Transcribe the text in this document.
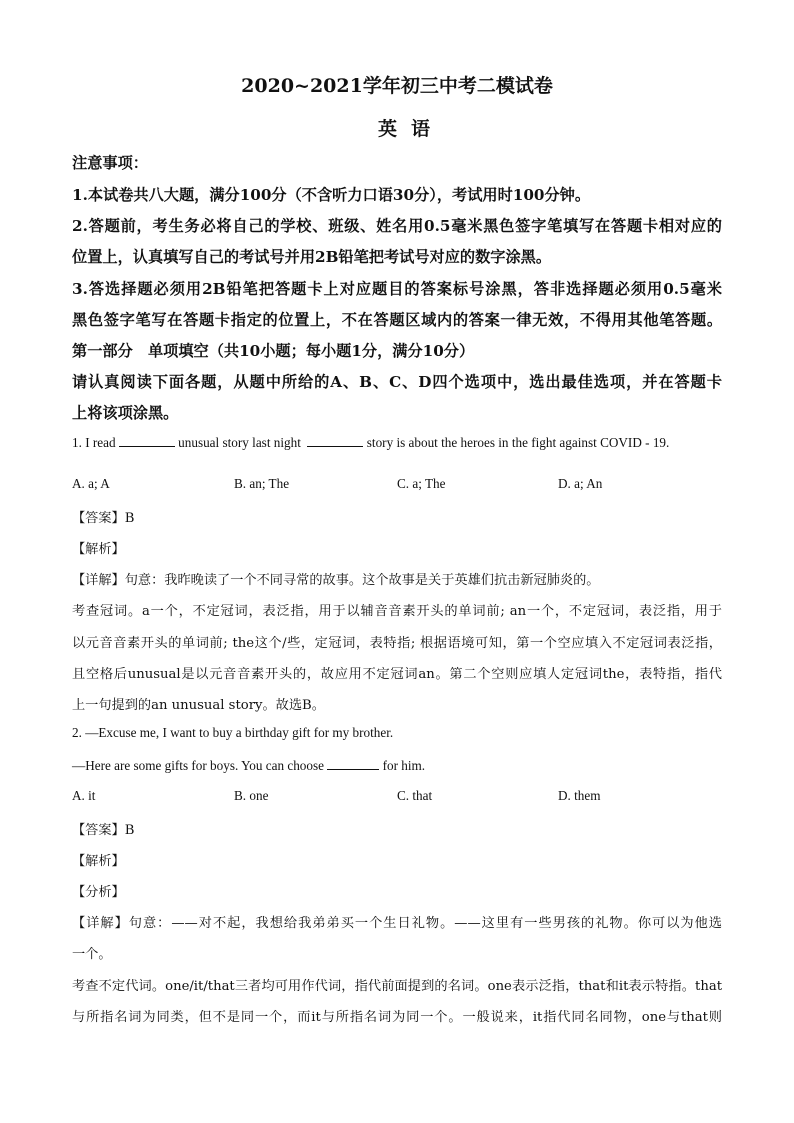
2020~2021学年初三中考二模试卷
英语
注意事项：
1.本试卷共八大题，满分100分（不含听力口语30分），考试用时100分钟。
2.答题前，考生务必将自己的学校、班级、姓名用0.5毫米黑色签字笔填写在答题卡相对应的
位置上，认真填写自己的考试号并用2B铅笔把考试号对应的数字涂黑。
3.答选择题必须用2B铅笔把答题卡上对应题目的答案标号涂黑，答非选择题必须用0.5毫米
黑色签字笔写在答题卡指定的位置上，不在答题区域内的答案一律无效，不得用其他笔答题。
第一部分　单项填空（共10小题；每小题1分，满分10分）
请认真阅读下面各题，从题中所给的A、B、C、D四个选项中，选出最佳选项，并在答题卡
上将该项涂黑。
1. I read	unusual story last night	story is about the heroes in the fight against COVID - 19.
A. a; A	B. an; The	C. a; The	D. a; An
【答案】B
【解析】
【详解】句意：我昨晚读了一个不同寻常的故事。这个故事是关于英雄们抗击新冠肺炎的。
考查冠词。a一个，不定冠词，表泛指，用于以辅音音素开头的单词前; an一个，不定冠词，表泛指，用于
以元音音素开头的单词前; the这个/些，定冠词，表特指; 根据语境可知，第一个空应填入不定冠词表泛指，
且空格后unusual是以元音音素开头的，故应用不定冠词an。第二个空则应填人定冠词the，表特指，指代
上一句提到的an unusual story。故选B。
2. —Excuse me, I want to buy a birthday gift for my brother.
—Here are some gifts for boys. You can choose	for him.
A. it	B. one	C. that	D. them
【答案】B
【解析】
【分析】
【详解】句意：——对不起，我想给我弟弟买一个生日礼物。——这里有一些男孩的礼物。你可以为他选
一个。
考查不定代词。one/it/that三者均可用作代词，指代前面提到的名词。one表示泛指，that和it表示特指。that
与所指名词为同类，但不是同一个，而it与所指名词为同一个。一般说来，it指代同名同物，one与that则
